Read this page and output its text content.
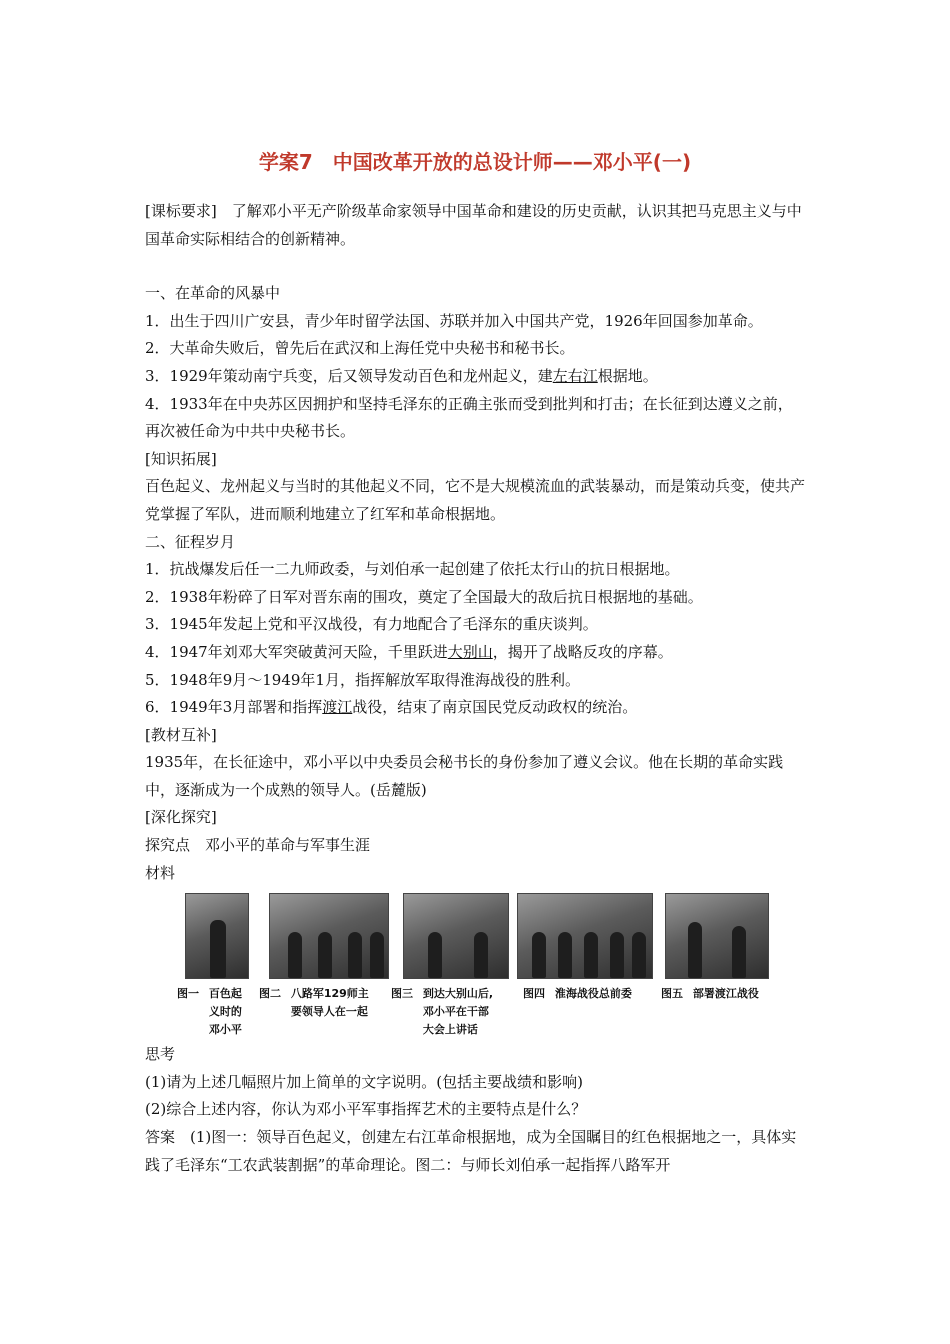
学案7　中国改革开放的总设计师——邓小平(一)

[课标要求]　了解邓小平无产阶级革命家领导中国革命和建设的历史贡献，认识其把马克思主义与中国革命实际相结合的创新精神。

一、在革命的风暴中

1．出生于四川广安县，青少年时留学法国、苏联并加入中国共产党，1926年回国参加革命。

2．大革命失败后，曾先后在武汉和上海任党中央秘书和秘书长。

3．1929年策动南宁兵变，后又领导发动百色和龙州起义，建左右江根据地。

4．1933年在中央苏区因拥护和坚持毛泽东的正确主张而受到批判和打击；在长征到达遵义之前，再次被任命为中共中央秘书长。

[知识拓展]

百色起义、龙州起义与当时的其他起义不同，它不是大规模流血的武装暴动，而是策动兵变，使共产党掌握了军队，进而顺利地建立了红军和革命根据地。

二、征程岁月

1．抗战爆发后任一二九师政委，与刘伯承一起创建了依托太行山的抗日根据地。

2．1938年粉碎了日军对晋东南的围攻，奠定了全国最大的敌后抗日根据地的基础。

3．1945年发起上党和平汉战役，有力地配合了毛泽东的重庆谈判。

4．1947年刘邓大军突破黄河天险，千里跃进大别山，揭开了战略反攻的序幕。

5．1948年9月～1949年1月，指挥解放军取得淮海战役的胜利。

6．1949年3月部署和指挥渡江战役，结束了南京国民党反动政权的统治。

[教材互补]

1935年，在长征途中，邓小平以中央委员会秘书长的身份参加了遵义会议。他在长期的革命实践中，逐渐成为一个成熟的领导人。(岳麓版)

[深化探究]

探究点　邓小平的革命与军事生涯

材料

图一 百色起
义时的
邓小平
图二 八路军129师主
要领导人在一起
图三 到达大别山后,
邓小平在干部
大会上讲话
图四 淮海战役总前委	图五 部署渡江战役

思考

(1)请为上述几幅照片加上简单的文字说明。(包括主要战绩和影响)

(2)综合上述内容，你认为邓小平军事指挥艺术的主要特点是什么？

答案　(1)图一：领导百色起义，创建左右江革命根据地，成为全国瞩目的红色根据地之一，具体实践了毛泽东“工农武装割据”的革命理论。图二：与师长刘伯承一起指挥八路军开
